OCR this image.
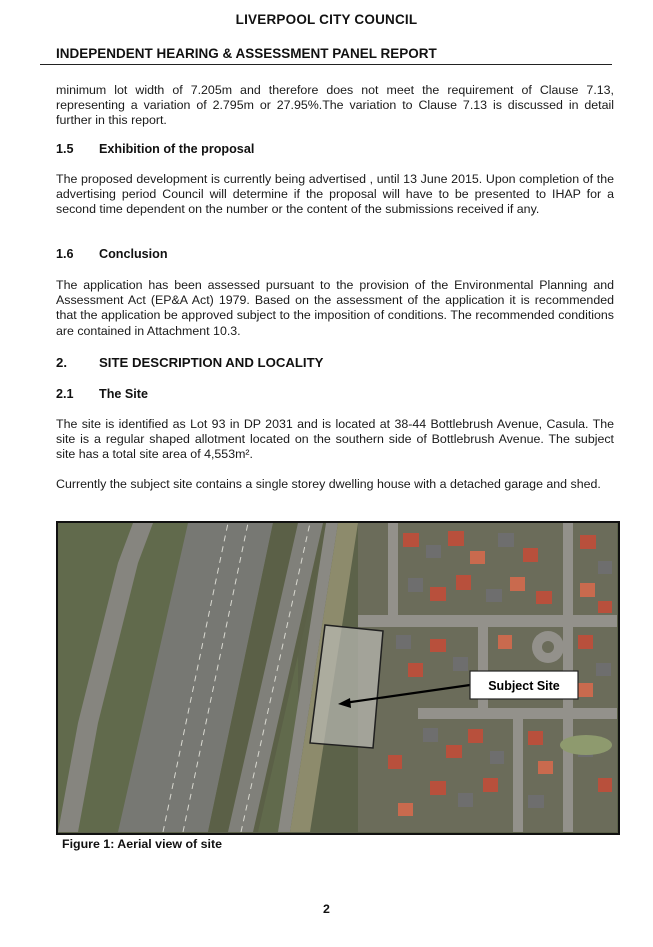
LIVERPOOL CITY COUNCIL
INDEPENDENT HEARING & ASSESSMENT PANEL REPORT

minimum lot width of 7.205m and therefore does not meet the requirement of Clause 7.13, representing a variation of 2.795m or 27.95%.The variation to Clause 7.13 is discussed in detail further in this report.

1.5 Exhibition of the proposal

The proposed development is currently being advertised , until 13 June 2015. Upon completion of the advertising period Council will determine if the proposal will have to be presented to IHAP for a second time dependent on the number or the content of the submissions received if any.

1.6 Conclusion

The application has been assessed pursuant to the provision of the Environmental Planning and Assessment Act (EP&A Act) 1979. Based on the assessment of the application it is recommended that the application be approved subject to the imposition of conditions. The recommended conditions are contained in Attachment 10.3.

2. SITE DESCRIPTION AND LOCALITY
2.1 The Site

The site is identified as Lot 93 in DP 2031 and is located at 38-44 Bottlebrush Avenue, Casula. The site is a regular shaped allotment located on the southern side of Bottlebrush Avenue. The subject site has a total site area of 4,553m².

Currently the subject site contains a single storey dwelling house with a detached garage and shed.

Subject Site
Figure 1: Aerial view of site
2
